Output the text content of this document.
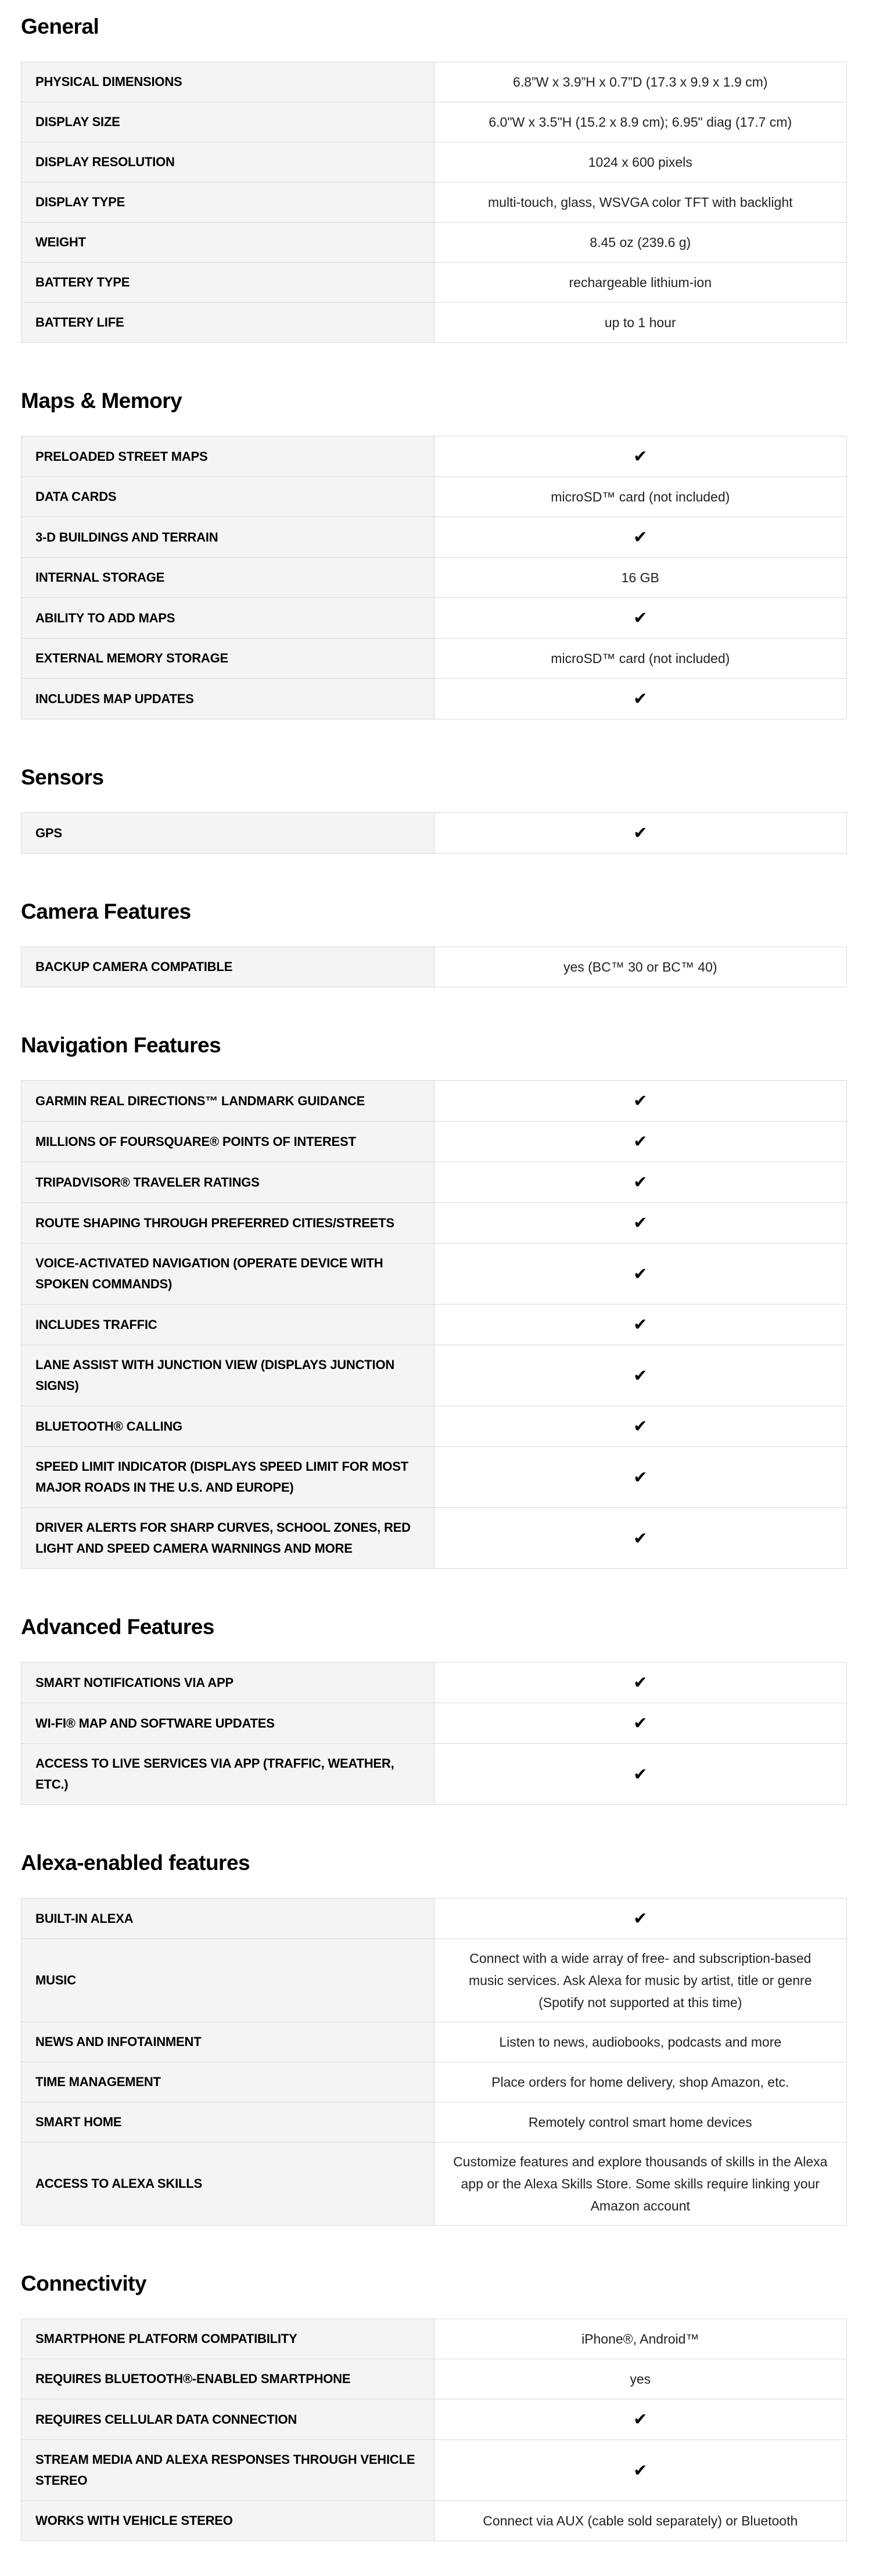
General
PHYSICAL DIMENSIONS	6.8”W x 3.9”H x 0.7”D (17.3 x 9.9 x 1.9 cm)
DISPLAY SIZE	6.0"W x 3.5"H (15.2 x 8.9 cm); 6.95" diag (17.7 cm)
DISPLAY RESOLUTION	1024 x 600 pixels
DISPLAY TYPE	multi-touch, glass, WSVGA color TFT with backlight
WEIGHT	8.45 oz (239.6 g)
BATTERY TYPE	rechargeable lithium-ion
BATTERY LIFE	up to 1 hour
Maps & Memory
PRELOADED STREET MAPS	✔
DATA CARDS	microSD™ card (not included)
3-D BUILDINGS AND TERRAIN	✔
INTERNAL STORAGE	16 GB
ABILITY TO ADD MAPS	✔
EXTERNAL MEMORY STORAGE	microSD™ card (not included)
INCLUDES MAP UPDATES	✔
Sensors
GPS	✔
Camera Features
BACKUP CAMERA COMPATIBLE	yes (BC™ 30 or BC™ 40)
Navigation Features
GARMIN REAL DIRECTIONS™ LANDMARK GUIDANCE	✔
MILLIONS OF FOURSQUARE® POINTS OF INTEREST	✔
TRIPADVISOR® TRAVELER RATINGS	✔
ROUTE SHAPING THROUGH PREFERRED CITIES/STREETS	✔
VOICE-ACTIVATED NAVIGATION (OPERATE DEVICE WITH SPOKEN COMMANDS)	✔
INCLUDES TRAFFIC	✔
LANE ASSIST WITH JUNCTION VIEW (DISPLAYS JUNCTION SIGNS)	✔
BLUETOOTH® CALLING	✔
SPEED LIMIT INDICATOR (DISPLAYS SPEED LIMIT FOR MOST MAJOR ROADS IN THE U.S. AND EUROPE)	✔
DRIVER ALERTS FOR SHARP CURVES, SCHOOL ZONES, RED LIGHT AND SPEED CAMERA WARNINGS AND MORE	✔
Advanced Features
SMART NOTIFICATIONS VIA APP	✔
WI-FI® MAP AND SOFTWARE UPDATES	✔
ACCESS TO LIVE SERVICES VIA APP (TRAFFIC, WEATHER, ETC.)	✔
Alexa-enabled features
BUILT-IN ALEXA	✔
MUSIC	Connect with a wide array of free- and subscription-based music services. Ask Alexa for music by artist, title or genre (Spotify not supported at this time)
NEWS AND INFOTAINMENT	Listen to news, audiobooks, podcasts and more
TIME MANAGEMENT	Place orders for home delivery, shop Amazon, etc.
SMART HOME	Remotely control smart home devices
ACCESS TO ALEXA SKILLS	Customize features and explore thousands of skills in the Alexa app or the Alexa Skills Store. Some skills require linking your Amazon account
Connectivity
SMARTPHONE PLATFORM COMPATIBILITY	iPhone®, Android™
REQUIRES BLUETOOTH®-ENABLED SMARTPHONE	yes
REQUIRES CELLULAR DATA CONNECTION	✔
STREAM MEDIA AND ALEXA RESPONSES THROUGH VEHICLE STEREO	✔
WORKS WITH VEHICLE STEREO	Connect via AUX (cable sold separately) or Bluetooth
